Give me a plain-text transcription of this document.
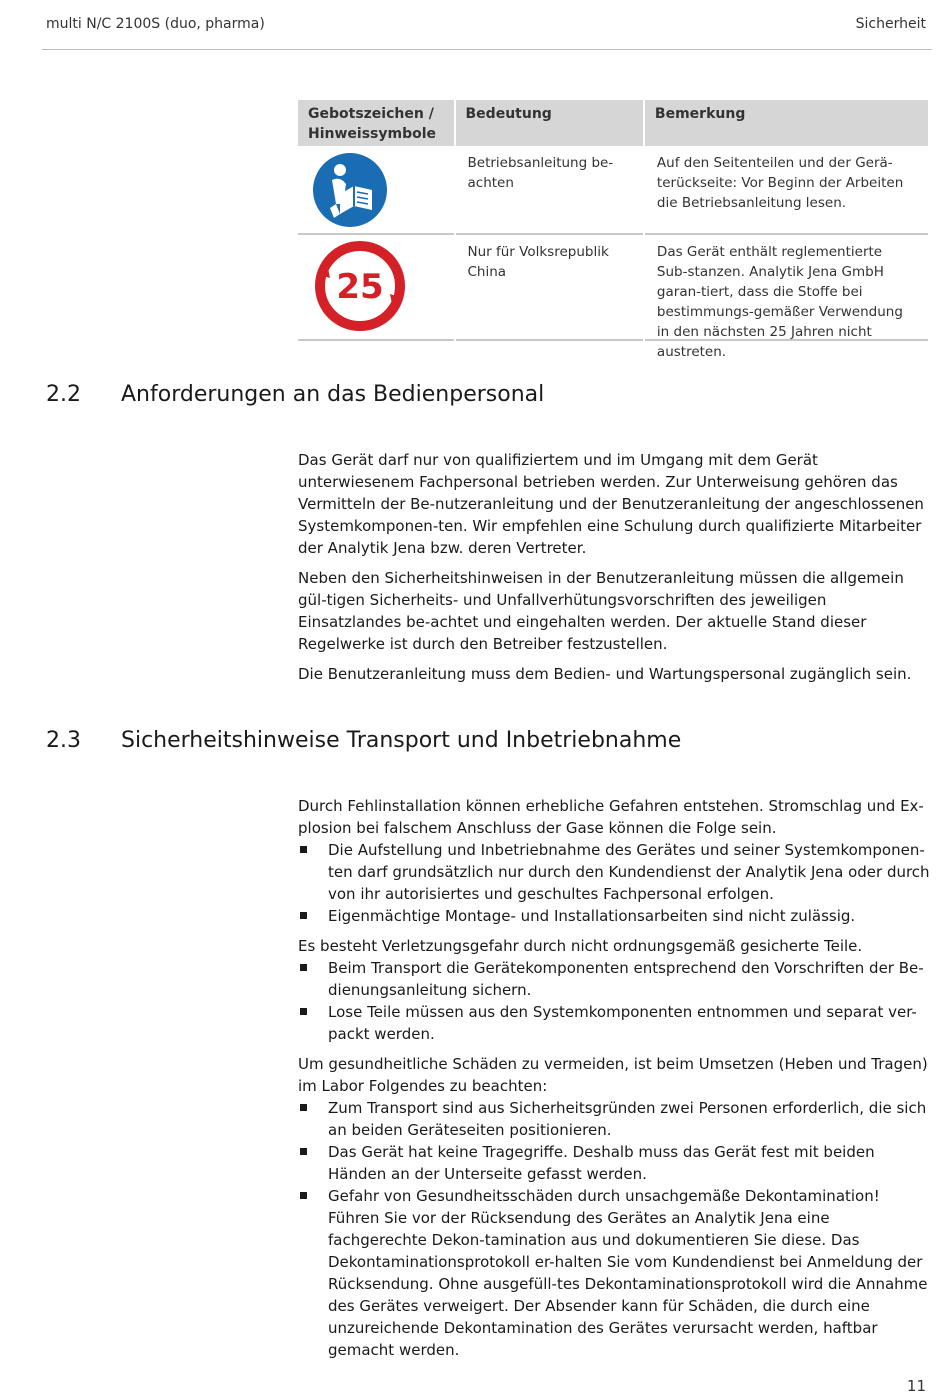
multi N/C 2100S (duo, pharma)	Sicherheit
Gebotszeichen / Hinweissymbole
Bedeutung	Bemerkung
Betriebsanleitung be-achten
Auf den Seitenteilen und der Gerä-terückseite: Vor Beginn der Arbeiten die Betriebsanleitung lesen.
25
Nur für Volksrepublik China
Das Gerät enthält reglementierte Sub-stanzen. Analytik Jena GmbH garan-tiert, dass die Stoffe bei bestimmungs-gemäßer Verwendung in den nächsten 25 Jahren nicht austreten.
2.2 Anforderungen an das Bedienpersonal

Das Gerät darf nur von qualifiziertem und im Umgang mit dem Gerät unterwiesenem Fachpersonal betrieben werden. Zur Unterweisung gehören das Vermitteln der Be-nutzeranleitung und der Benutzeranleitung der angeschlossenen Systemkomponen-ten. Wir empfehlen eine Schulung durch qualifizierte Mitarbeiter der Analytik Jena bzw. deren Vertreter.

Neben den Sicherheitshinweisen in der Benutzeranleitung müssen die allgemein gül-tigen Sicherheits- und Unfallverhütungsvorschriften des jeweiligen Einsatzlandes be-achtet und eingehalten werden. Der aktuelle Stand dieser Regelwerke ist durch den Betreiber festzustellen.

Die Benutzeranleitung muss dem Bedien- und Wartungspersonal zugänglich sein.

2.3 Sicherheitshinweise Transport und Inbetriebnahme

Durch Fehlinstallation können erhebliche Gefahren entstehen. Stromschlag und Ex-plosion bei falschem Anschluss der Gase können die Folge sein.

Die Aufstellung und Inbetriebnahme des Gerätes und seiner Systemkomponen-ten darf grundsätzlich nur durch den Kundendienst der Analytik Jena oder durch von ihr autorisiertes und geschultes Fachpersonal erfolgen.
Eigenmächtige Montage- und Installationsarbeiten sind nicht zulässig.

Es besteht Verletzungsgefahr durch nicht ordnungsgemäß gesicherte Teile.

Beim Transport die Gerätekomponenten entsprechend den Vorschriften der Be-dienungsanleitung sichern.
Lose Teile müssen aus den Systemkomponenten entnommen und separat ver-packt werden.

Um gesundheitliche Schäden zu vermeiden, ist beim Umsetzen (Heben und Tragen) im Labor Folgendes zu beachten:

Zum Transport sind aus Sicherheitsgründen zwei Personen erforderlich, die sich an beiden Geräteseiten positionieren.
Das Gerät hat keine Tragegriffe. Deshalb muss das Gerät fest mit beiden Händen an der Unterseite gefasst werden.
Gefahr von Gesundheitsschäden durch unsachgemäße Dekontamination! Führen Sie vor der Rücksendung des Gerätes an Analytik Jena eine fachgerechte Dekon-tamination aus und dokumentieren Sie diese. Das Dekontaminationsprotokoll er-halten Sie vom Kundendienst bei Anmeldung der Rücksendung. Ohne ausgefüll-tes Dekontaminationsprotokoll wird die Annahme des Gerätes verweigert. Der Absender kann für Schäden, die durch eine unzureichende Dekontamination des Gerätes verursacht werden, haftbar gemacht werden.
11
